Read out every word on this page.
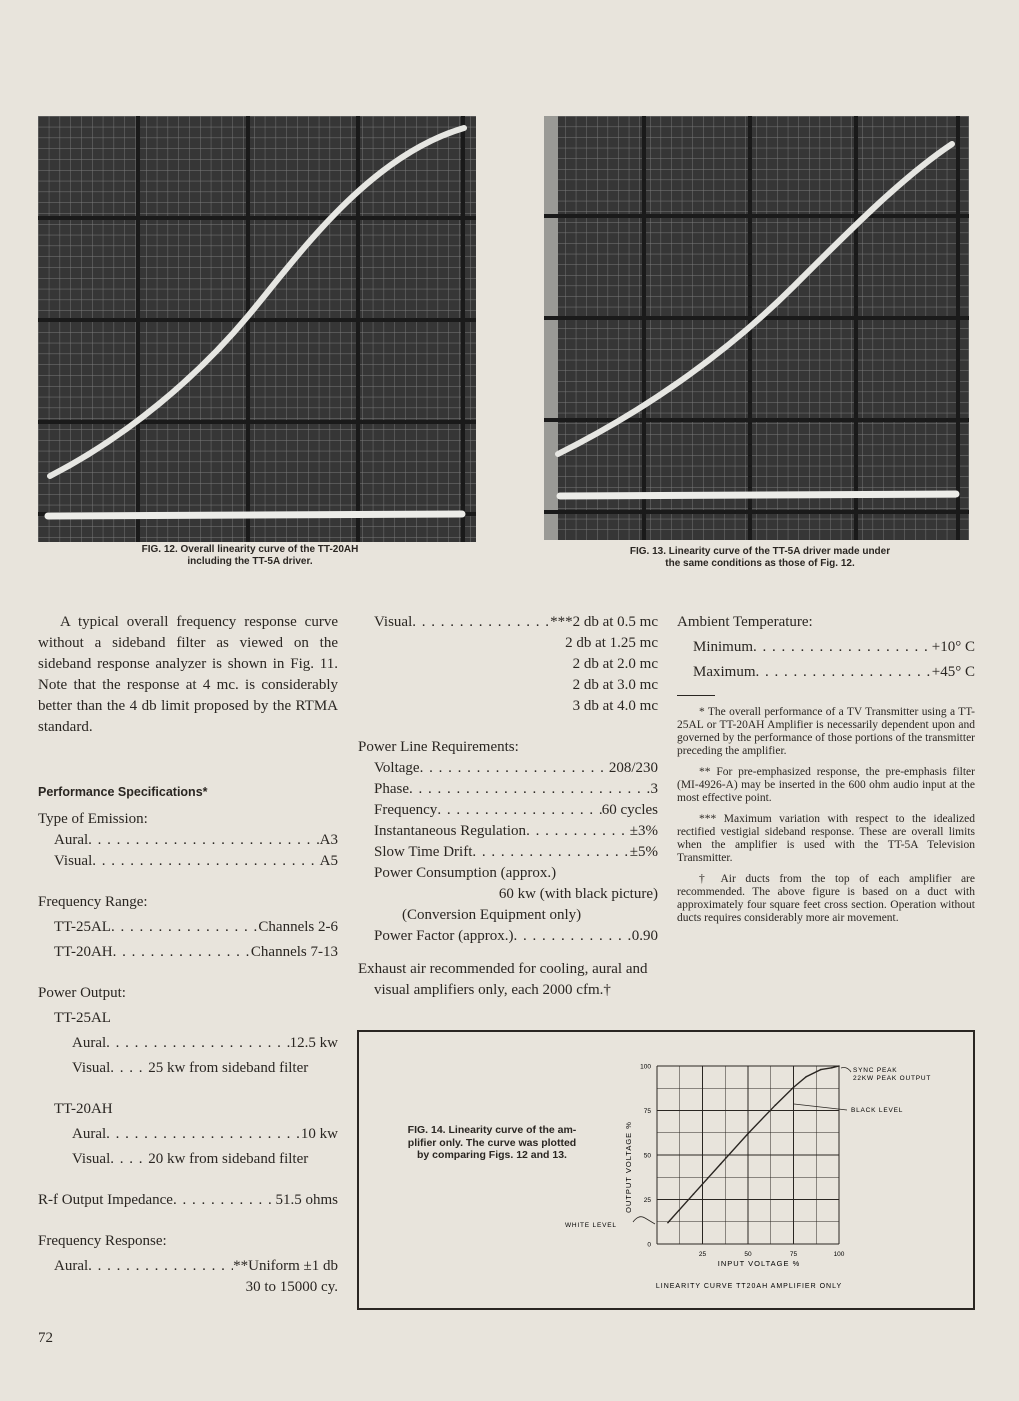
FIG. 12. Overall linearity curve of the TT-20AH
including the TT-5A driver.
FIG. 13. Linearity curve of the TT-5A driver made under
the same conditions as those of Fig. 12.

A typical overall frequency response curve without a sideband filter as viewed on the sideband response analyzer is shown in Fig. 11. Note that the response at 4 mc. is considerably better than the 4 db limit proposed by the RTMA standard.

Performance Specifications*

Type of Emission:
Aural . . .	A3
Visual . . .	A5
Frequency Range:
TT-25AL . . .	Channels 2-6
TT-20AH . . .	Channels 7-13
Power Output:
TT-25AL
Aural . . .	12.5 kw
Visual . . .	25 kw from sideband filter
TT-20AH
Aural . . .	10 kw
Visual . . .	20 kw from sideband filter
R-f Output Impedance . . .	51.5 ohms
Frequency Response:
Aural . . .	**Uniform ±1 db
30 to 15000 cy.
Visual . . .	***2 db at 0.5 mc
2 db at 1.25 mc
2 db at 2.0 mc
2 db at 3.0 mc
3 db at 4.0 mc
Power Line Requirements:
Voltage . . .	208/230
Phase . . .	3
Frequency . . .	60 cycles
Instantaneous Regulation . . .	±3%
Slow Time Drift . . .	±5%
Power Consumption (approx.)
60 kw (with black picture)
(Conversion Equipment only)
Power Factor (approx.) . . .	0.90
Exhaust air recommended for cooling, aural and visual amplifiers only, each 2000 cfm.†
Ambient Temperature:
Minimum . . .	+10° C
Maximum . . .	+45° C

* The overall performance of a TV Transmitter using a TT-25AL or TT-20AH Amplifier is necessarily dependent upon and governed by the performance of those portions of the transmitter preceding the amplifier.

** For pre-emphasized response, the pre-emphasis filter (MI-4926-A) may be inserted in the 600 ohm audio input at the most effective point.

*** Maximum variation with respect to the idealized rectified vestigial sideband response. These are overall limits when the amplifier is used with the TT-5A Television Transmitter.

† Air ducts from the top of each amplifier are recommended. The above figure is based on a duct with approximately four square feet cross section. Operation without ducts requires considerably more air movement.

FIG. 14. Linearity curve of the am-
plifier only. The curve was plotted
by comparing Figs. 12 and 13.
0
25
50
75
100
25	50	75	100
OUTPUT VOLTAGE %
INPUT VOLTAGE %
LINEARITY CURVE TT20AH AMPLIFIER ONLY
SYNC PEAK
22KW PEAK OUTPUT
BLACK LEVEL
WHITE LEVEL
72
